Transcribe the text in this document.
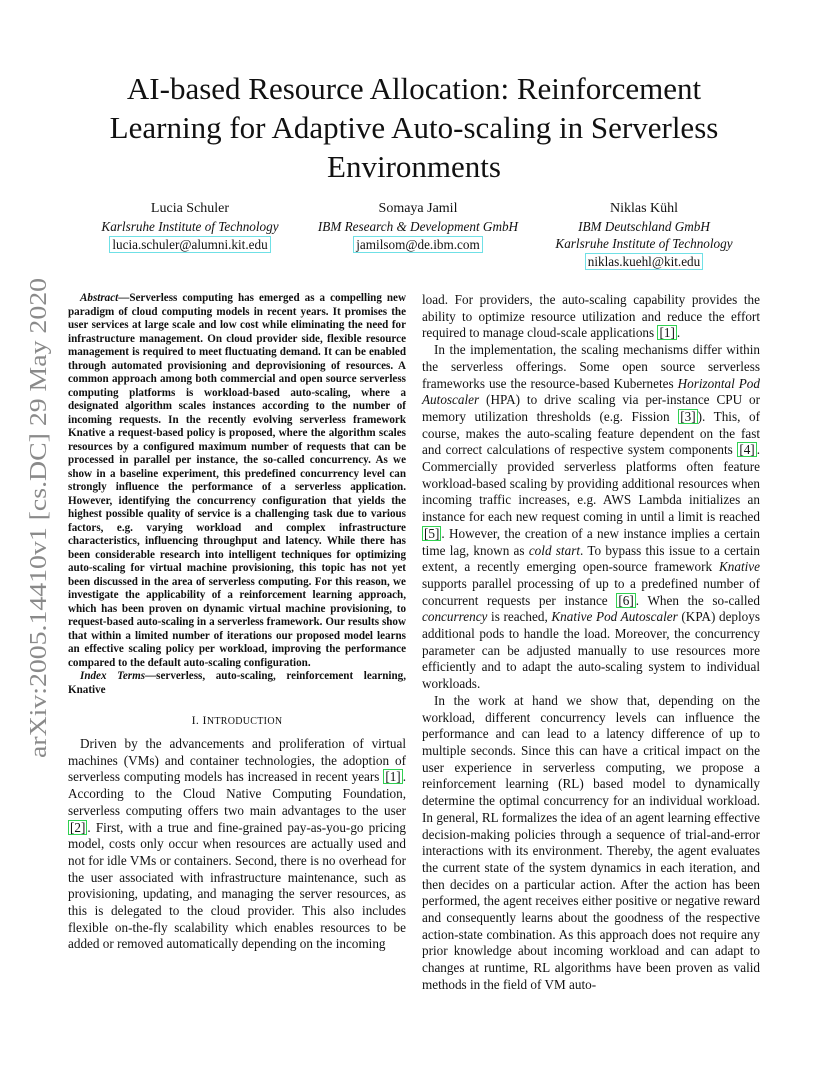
arXiv:2005.14410v1 [cs.DC] 29 May 2020
AI-based Resource Allocation: Reinforcement Learning for Adaptive Auto-scaling in Serverless Environments
Lucia Schuler
Karlsruhe Institute of Technology
lucia.schuler@alumni.kit.edu
Somaya Jamil
IBM Research & Development GmbH
jamilsom@de.ibm.com
Niklas Kühl
IBM Deutschland GmbH
Karlsruhe Institute of Technology
niklas.kuehl@kit.edu

Abstract—Serverless computing has emerged as a compelling new paradigm of cloud computing models in recent years. It promises the user services at large scale and low cost while eliminating the need for infrastructure management. On cloud provider side, flexible resource management is required to meet fluctuating demand. It can be enabled through automated provisioning and deprovisioning of resources. A common approach among both commercial and open source serverless computing platforms is workload-based auto-scaling, where a designated algorithm scales instances according to the number of incoming requests. In the recently evolving serverless framework Knative a request-based policy is proposed, where the algorithm scales resources by a configured maximum number of requests that can be processed in parallel per instance, the so-called concurrency. As we show in a baseline experiment, this predefined concurrency level can strongly influence the performance of a serverless application. However, identifying the concurrency configuration that yields the highest possible quality of service is a challenging task due to various factors, e.g. varying workload and complex infrastructure characteristics, influencing throughput and latency. While there has been considerable research into intelligent techniques for optimizing auto-scaling for virtual machine provisioning, this topic has not yet been discussed in the area of serverless computing. For this reason, we investigate the applicability of a reinforcement learning approach, which has been proven on dynamic virtual machine provisioning, to request-based auto-scaling in a serverless framework. Our results show that within a limited number of iterations our proposed model learns an effective scaling policy per workload, improving the performance compared to the default auto-scaling configuration.

Index Terms—serverless, auto-scaling, reinforcement learning, Knative

I. INTRODUCTION

Driven by the advancements and proliferation of virtual machines (VMs) and container technologies, the adoption of serverless computing models has increased in recent years [1] . According to the Cloud Native Computing Foundation, serverless computing offers two main advantages to the user [2] . First, with a true and fine-grained pay-as-you-go pricing model, costs only occur when resources are actually used and not for idle VMs or containers. Second, there is no overhead for the user associated with infrastructure maintenance, such as provisioning, updating, and managing the server resources, as this is delegated to the cloud provider. This also includes flexible on-the-fly scalability which enables resources to be added or removed automatically depending on the incoming

load. For providers, the auto-scaling capability provides the ability to optimize resource utilization and reduce the effort required to manage cloud-scale applications [1] .

In the implementation, the scaling mechanisms differ within the serverless offerings. Some open source serverless frameworks use the resource-based Kubernetes Horizontal Pod Autoscaler (HPA) to drive scaling via per-instance CPU or memory utilization thresholds (e.g. Fission [3] ). This, of course, makes the auto-scaling feature dependent on the fast and correct calculations of respective system components [4] . Commercially provided serverless platforms often feature workload-based scaling by providing additional resources when incoming traffic increases, e.g. AWS Lambda initializes an instance for each new request coming in until a limit is reached [5] . However, the creation of a new instance implies a certain time lag, known as cold start. To bypass this issue to a certain extent, a recently emerging open-source framework Knative supports parallel processing of up to a predefined number of concurrent requests per instance [6] . When the so-called concurrency is reached, Knative Pod Autoscaler (KPA) deploys additional pods to handle the load. Moreover, the concurrency parameter can be adjusted manually to use resources more efficiently and to adapt the auto-scaling system to individual workloads.

In the work at hand we show that, depending on the workload, different concurrency levels can influence the performance and can lead to a latency difference of up to multiple seconds. Since this can have a critical impact on the user experience in serverless computing, we propose a reinforcement learning (RL) based model to dynamically determine the optimal concurrency for an individual workload. In general, RL formalizes the idea of an agent learning effective decision-making policies through a sequence of trial-and-error interactions with its environment. Thereby, the agent evaluates the current state of the system dynamics in each iteration, and then decides on a particular action. After the action has been performed, the agent receives either positive or negative reward and consequently learns about the goodness of the respective action-state combination. As this approach does not require any prior knowledge about incoming workload and can adapt to changes at runtime, RL algorithms have been proven as valid methods in the field of VM auto-
